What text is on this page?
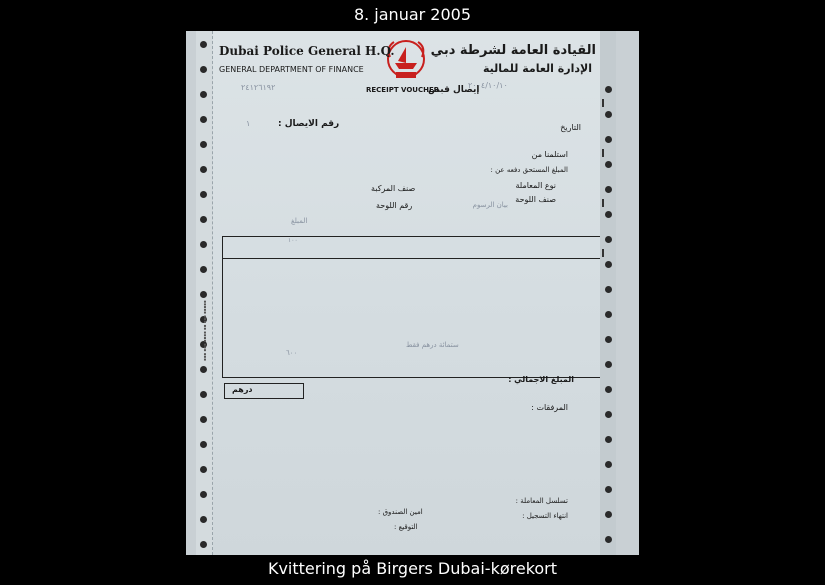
8. januar 2005
▪▪▪ ▪▪▪ ▪▪▪▪ ▪▪ ▪▪▪ ▪▪▪▪▪
Dubai Police General H.Q.
GENERAL DEPARTMENT OF FINANCE
القيادة العامة لشرطة دبي
الإدارة العامة للمالية
٢٤١٢٦١٩٢	RECEIPT VOUCHER
إيصال قبض
٢٠٠٤/١٠/١٠
رقم الايصال :
١	التاريخ
استلمنا من
المبلغ المستحق دفعه عن :
نوع المعاملة
صنف المركبة
صنف اللوحة
رقم اللوحة	بيان الرسوم
المبلغ
١٠٠
ستمائة درهم فقط
٦٠٠
المبلغ الاجمالي :
درهم
المرفقات :
تسلسل المعاملة :
انتهاء التسجيل :
امين الصندوق :
التوقيع :
Kvittering på Birgers Dubai-kørekort
